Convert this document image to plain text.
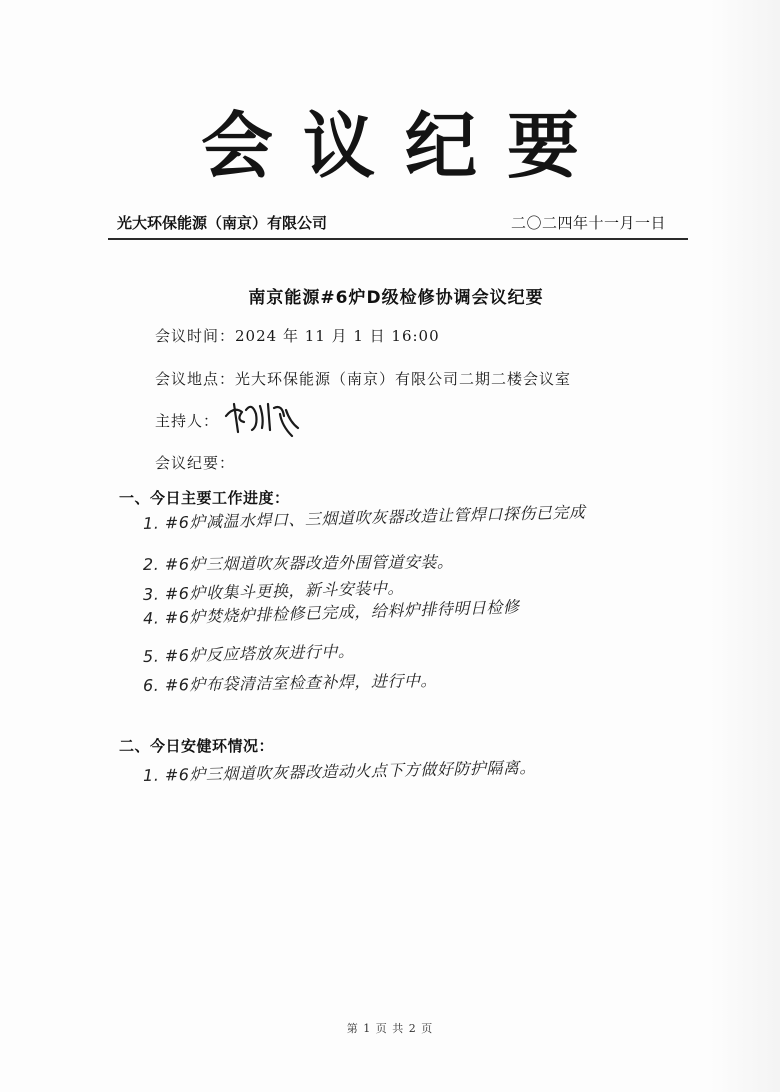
会议纪要
光大环保能源（南京）有限公司	二〇二四年十一月一日
南京能源#6炉D级检修协调会议纪要
会议时间：2024 年 11 月 1 日 16:00
会议地点：光大环保能源（南京）有限公司二期二楼会议室
主持人：
会议纪要：
一、今日主要工作进度：
1. #6炉减温水焊口、三烟道吹灰器改造让管焊口探伤已完成
2. #6炉三烟道吹灰器改造外围管道安装。
3. #6炉收集斗更换，新斗安装中。
4. #6炉焚烧炉排检修已完成，给料炉排待明日检修
5. #6炉反应塔放灰进行中。
6. #6炉布袋清洁室检查补焊，进行中。
二、今日安健环情况：
1. #6炉三烟道吹灰器改造动火点下方做好防护隔离。
第 1 页 共 2 页
